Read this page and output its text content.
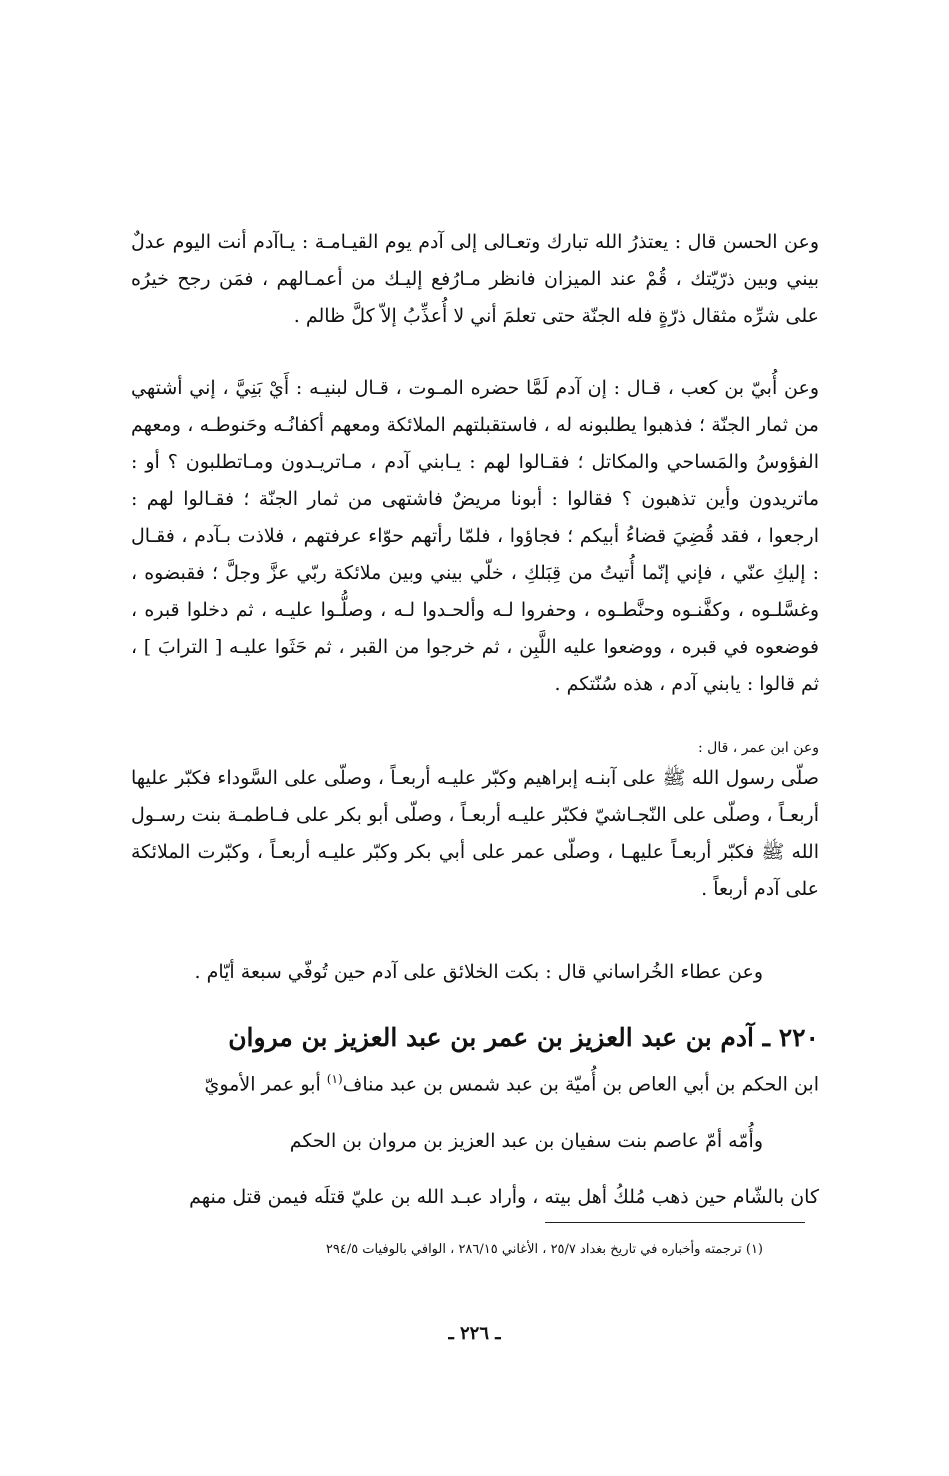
وعن الحسن قال : يعتذرُ الله تبارك وتعـالى إلى آدم يوم القيـامـة : يـاآدم أنت اليوم عدلٌ بيني وبين ذرّيّتك ، قُمْ عند الميزان فانظر مـارُفع إليـك من أعمـالهم ، فمَن رجح خيرُه على شرِّه مثقال ذرّةٍ فله الجنّة حتى تعلمَ أني لا أُعذِّبُ إلاّ كلَّ ظالم .

وعن أُبيّ بن كعب ، قـال : إن آدم لَمَّا حضره المـوت ، قـال لبنيـه : أَيْ بَنِيَّ ، إني أشتهي من ثمار الجنّة ؛ فذهبوا يطلبونه له ، فاستقبلتهم الملائكة ومعهم أكفانُـه وحَنوطـه ، ومعهم الفؤوسُ والمَساحي والمكاتل ؛ فقـالوا لهم : يـابني آدم ، مـاتريـدون ومـاتطلبون ؟ أو : ماتريدون وأين تذهبون ؟ فقالوا : أبونا مريضٌ فاشتهى من ثمار الجنّة ؛ فقـالوا لهم : ارجعوا ، فقد قُضِيَ قضاءُ أبيكم ؛ فجاؤوا ، فلمّا رأتهم حوّاء عرفتهم ، فلاذت بـآدم ، فقـال : إليكِ عنّي ، فإني إنّما أُتيتُ من قِبَلكِ ، خلّي بيني وبين ملائكة ربّي عزَّ وجلَّ ؛ فقبضوه ، وغسَّلـوه ، وكفَّنـوه وحنَّطـوه ، وحفروا لـه وألحـدوا لـه ، وصلُّـوا عليـه ، ثم دخلوا قبره ، فوضعوه في قبره ، ووضعوا عليه اللَّبِن ، ثم خرجوا من القبر ، ثم حَثَوا عليـه [ الترابَ ] ، ثم قالوا : يابني آدم ، هذه سُنّتكم .

وعن ابن عمر ، قال :

صلّى رسول الله ﷺ على آبنـه إبراهيم وكبّر عليـه أربعـاً ، وصلّى على السَّوداء فكبّر عليها أربعـاً ، وصلّى على النّجـاشيّ فكبّر عليـه أربعـاً ، وصلّى أبو بكر على فـاطمـة بنت رسـول الله ﷺ فكبّر أربعـاً عليهـا ، وصلّى عمر على أبي بكر وكبّر عليـه أربعـاً ، وكبّرت الملائكة على آدم أربعاً .

وعن عطاء الخُراساني قال : بكت الخلائق على آدم حين تُوفّي سبعة أيّام .

٢٢٠ ـ آدم بن عبد العزيز بن عمر بن عبد العزيز بن مروان

ابن الحكم بن أبي العاص بن أُميّة بن عبد شمس بن عبد مناف$^{(١)}$ أبو عمر الأمويّ

وأُمّه أمّ عاصم بنت سفيان بن عبد العزيز بن مروان بن الحكم

كان بالشّام حين ذهب مُلكُ أهل بيته ، وأراد عبـد الله بن عليّ قتلَه فيمن قتل منهم

(١) ترجمته وأخباره في تاريخ بغداد ٢٥/٧ ، الأغاني ٢٨٦/١٥ ، الوافي بالوفيات ٢٩٤/٥

ـ ٢٢٦ ـ
